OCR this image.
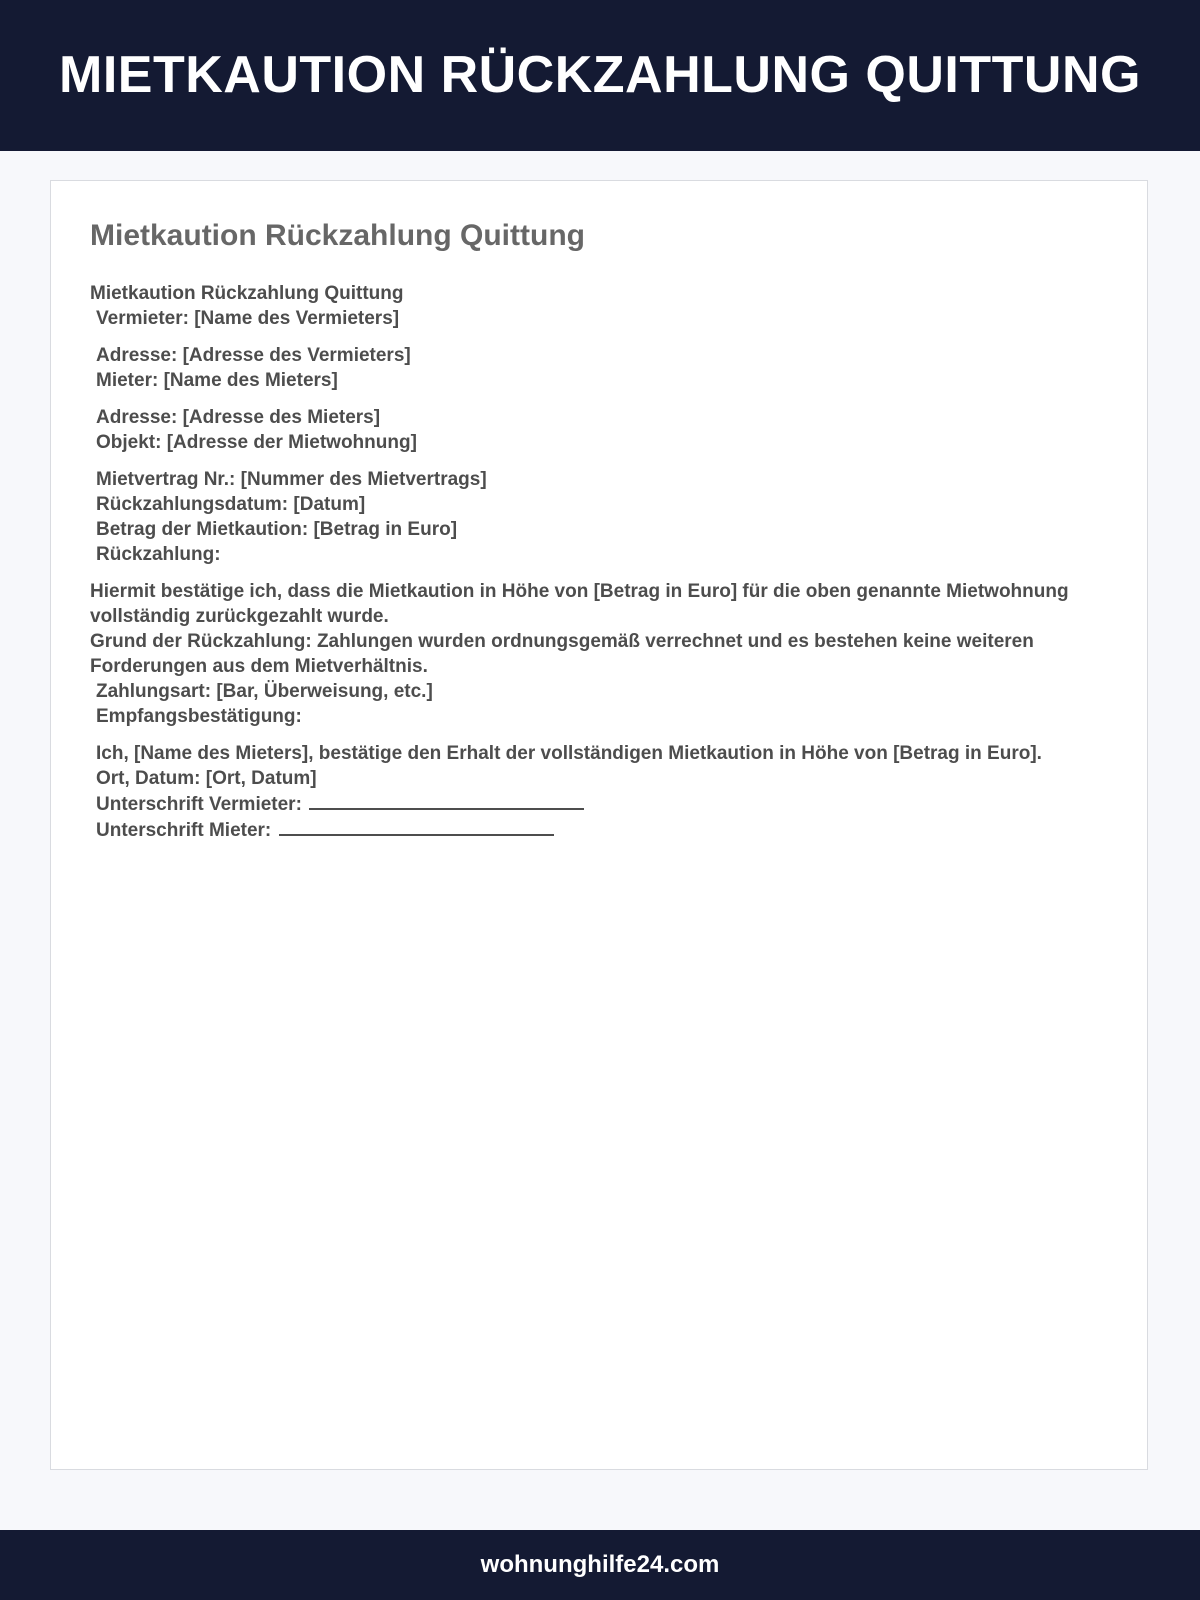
MIETKAUTION RÜCKZAHLUNG QUITTUNG
Mietkaution Rückzahlung Quittung
Mietkaution Rückzahlung Quittung
Vermieter: [Name des Vermieters]
Adresse: [Adresse des Vermieters]
Mieter: [Name des Mieters]
Adresse: [Adresse des Mieters]
Objekt: [Adresse der Mietwohnung]
Mietvertrag Nr.: [Nummer des Mietvertrags]
Rückzahlungsdatum: [Datum]
Betrag der Mietkaution: [Betrag in Euro]
Rückzahlung:
Hiermit bestätige ich, dass die Mietkaution in Höhe von [Betrag in Euro] für die oben genannte Mietwohnung vollständig zurückgezahlt wurde.
Grund der Rückzahlung: Zahlungen wurden ordnungsgemäß verrechnet und es bestehen keine weiteren Forderungen aus dem Mietverhältnis.
Zahlungsart: [Bar, Überweisung, etc.]
Empfangsbestätigung:
Ich, [Name des Mieters], bestätige den Erhalt der vollständigen Mietkaution in Höhe von [Betrag in Euro].
Ort, Datum: [Ort, Datum]
Unterschrift Vermieter:
Unterschrift Mieter:
wohnunghilfe24.com
